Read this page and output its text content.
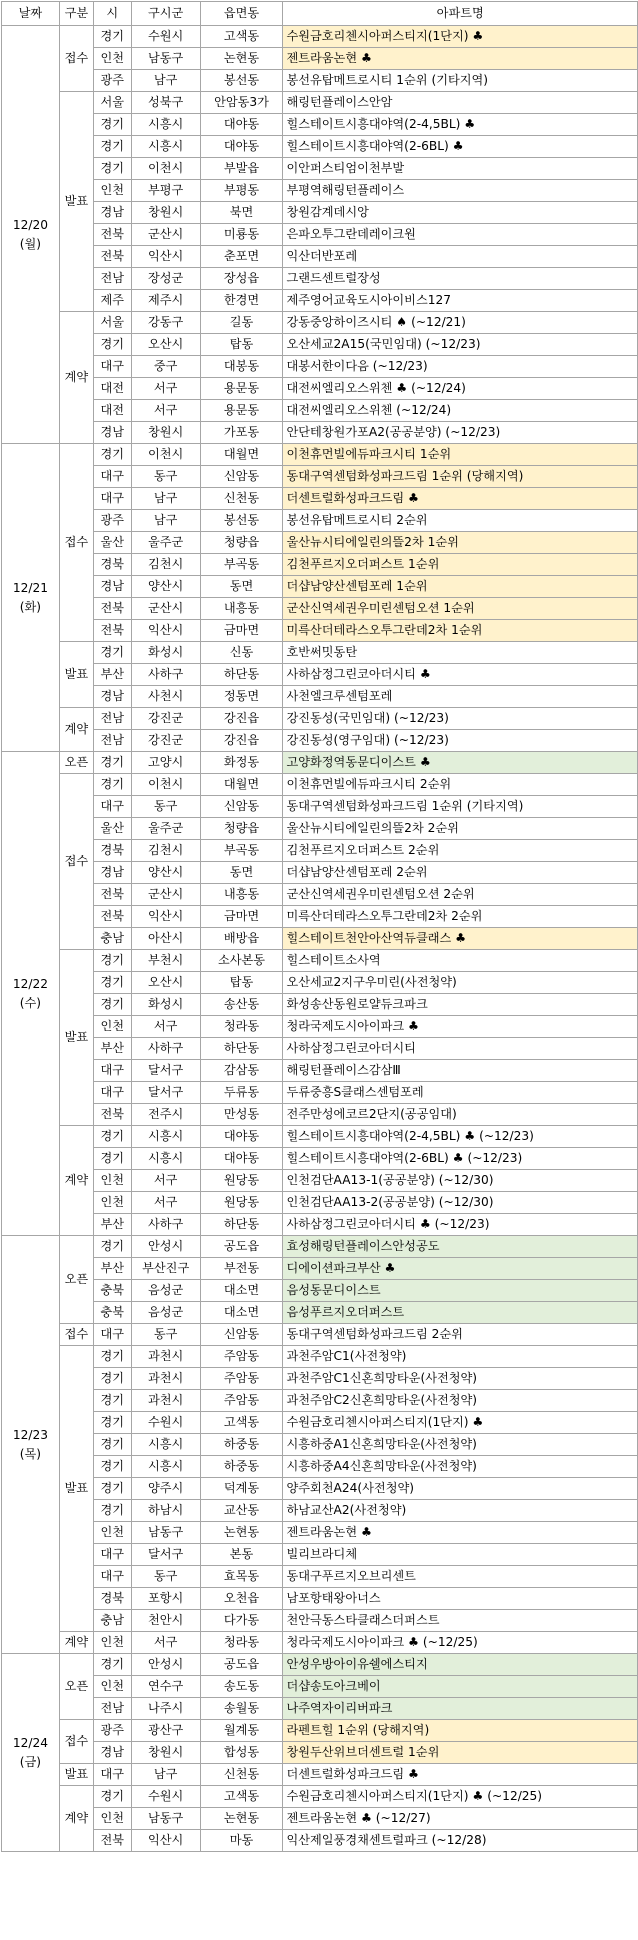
날짜	구분	시	구시군	읍면동	아파트명
12/20
(월)	접수	경기	수원시	고색동	수원금호리첸시아퍼스티지(1단지) ♣
		인천	남동구	논현동	젠트라움논현 ♣
		광주	남구	봉선동	봉선유탑메트로시티 1순위 (기타지역)
	발표	서울	성북구	안암동3가	해링턴플레이스안암
		경기	시흥시	대야동	힐스테이트시흥대야역(2-4,5BL) ♣
		경기	시흥시	대야동	힐스테이트시흥대야역(2-6BL) ♣
		경기	이천시	부발읍	이안퍼스티엄이천부발
		인천	부평구	부평동	부평역해링턴플레이스
		경남	창원시	북면	창원감계데시앙
		전북	군산시	미룡동	은파오투그란데레이크원
		전북	익산시	춘포면	익산더반포레
		전남	장성군	장성읍	그랜드센트럴장성
		제주	제주시	한경면	제주영어교육도시아이비스127
	계약	서울	강동구	길동	강동중앙하이즈시티 ♠ (~12/21)
		경기	오산시	탑동	오산세교2A15(국민임대) (~12/23)
		대구	중구	대봉동	대봉서한이다음 (~12/23)
		대전	서구	용문동	대전씨엘리오스위첸 ♣ (~12/24)
		대전	서구	용문동	대전씨엘리오스위첸 (~12/24)
		경남	창원시	가포동	안단테창원가포A2(공공분양) (~12/23)
12/21
(화)	접수	경기	이천시	대월면	이천휴먼빌에듀파크시티 1순위
		대구	동구	신암동	동대구역센텀화성파크드림 1순위 (당해지역)
		대구	남구	신천동	더센트럴화성파크드림 ♣
		광주	남구	봉선동	봉선유탑메트로시티 2순위
		울산	울주군	청량읍	울산뉴시티에일린의뜰2차 1순위
		경북	김천시	부곡동	김천푸르지오더퍼스트 1순위
		경남	양산시	동면	더샵남양산센텀포레 1순위
		전북	군산시	내흥동	군산신역세권우미린센텀오션 1순위
		전북	익산시	금마면	미륵산더테라스오투그란데2차 1순위
	발표	경기	화성시	신동	호반써밋동탄
		부산	사하구	하단동	사하삼정그린코아더시티 ♣
		경남	사천시	정동면	사천엘크루센텀포레
	계약	전남	강진군	강진읍	강진동성(국민임대) (~12/23)
		전남	강진군	강진읍	강진동성(영구임대) (~12/23)
12/22
(수)	오픈	경기	고양시	화정동	고양화정역동문디이스트 ♣
	접수	경기	이천시	대월면	이천휴먼빌에듀파크시티 2순위
		대구	동구	신암동	동대구역센텀화성파크드림 1순위 (기타지역)
		울산	울주군	청량읍	울산뉴시티에일린의뜰2차 2순위
		경북	김천시	부곡동	김천푸르지오더퍼스트 2순위
		경남	양산시	동면	더샵남양산센텀포레 2순위
		전북	군산시	내흥동	군산신역세권우미린센텀오션 2순위
		전북	익산시	금마면	미륵산더테라스오투그란데2차 2순위
		충남	아산시	배방읍	힐스테이트천안아산역듀클래스 ♣
	발표	경기	부천시	소사본동	힐스테이트소사역
		경기	오산시	탑동	오산세교2지구우미린(사전청약)
		경기	화성시	송산동	화성송산동원로얄듀크파크
		인천	서구	청라동	청라국제도시아이파크 ♣
		부산	사하구	하단동	사하삼정그린코아더시티
		대구	달서구	감삼동	해링턴플레이스감삼Ⅲ
		대구	달서구	두류동	두류중흥S클래스센텀포레
		전북	전주시	만성동	전주만성에코르2단지(공공임대)
	계약	경기	시흥시	대야동	힐스테이트시흥대야역(2-4,5BL) ♣ (~12/23)
		경기	시흥시	대야동	힐스테이트시흥대야역(2-6BL) ♣ (~12/23)
		인천	서구	원당동	인천검단AA13-1(공공분양) (~12/30)
		인천	서구	원당동	인천검단AA13-2(공공분양) (~12/30)
		부산	사하구	하단동	사하삼정그린코아더시티 ♣ (~12/23)
12/23
(목)	오픈	경기	안성시	공도읍	효성해링턴플레이스안성공도
		부산	부산진구	부전동	디에이션파크부산 ♣
		충북	음성군	대소면	음성동문디이스트
		충북	음성군	대소면	음성푸르지오더퍼스트
	접수	대구	동구	신암동	동대구역센텀화성파크드림 2순위
	발표	경기	과천시	주암동	과천주암C1(사전청약)
		경기	과천시	주암동	과천주암C1신혼희망타운(사전청약)
		경기	과천시	주암동	과천주암C2신혼희망타운(사전청약)
		경기	수원시	고색동	수원금호리첸시아퍼스티지(1단지) ♣
		경기	시흥시	하중동	시흥하중A1신혼희망타운(사전청약)
		경기	시흥시	하중동	시흥하중A4신혼희망타운(사전청약)
		경기	양주시	덕계동	양주회천A24(사전청약)
		경기	하남시	교산동	하남교산A2(사전청약)
		인천	남동구	논현동	젠트라움논현 ♣
		대구	달서구	본동	빌리브라디체
		대구	동구	효목동	동대구푸르지오브리센트
		경북	포항시	오천읍	남포항태왕아너스
		충남	천안시	다가동	천안극동스타클래스더퍼스트
	계약	인천	서구	청라동	청라국제도시아이파크 ♣ (~12/25)
12/24
(금)	오픈	경기	안성시	공도읍	안성우방아이유쉘에스티지
		인천	연수구	송도동	더샵송도아크베이
		전남	나주시	송월동	나주역자이리버파크
	접수	광주	광산구	월계동	라펜트힐 1순위 (당해지역)
		경남	창원시	합성동	창원두산위브더센트럴 1순위
	발표	대구	남구	신천동	더센트럴화성파크드림 ♣
	계약	경기	수원시	고색동	수원금호리첸시아퍼스티지(1단지) ♣ (~12/25)
		인천	남동구	논현동	젠트라움논현 ♣ (~12/27)
		전북	익산시	마동	익산제일풍경채센트럴파크 (~12/28)
